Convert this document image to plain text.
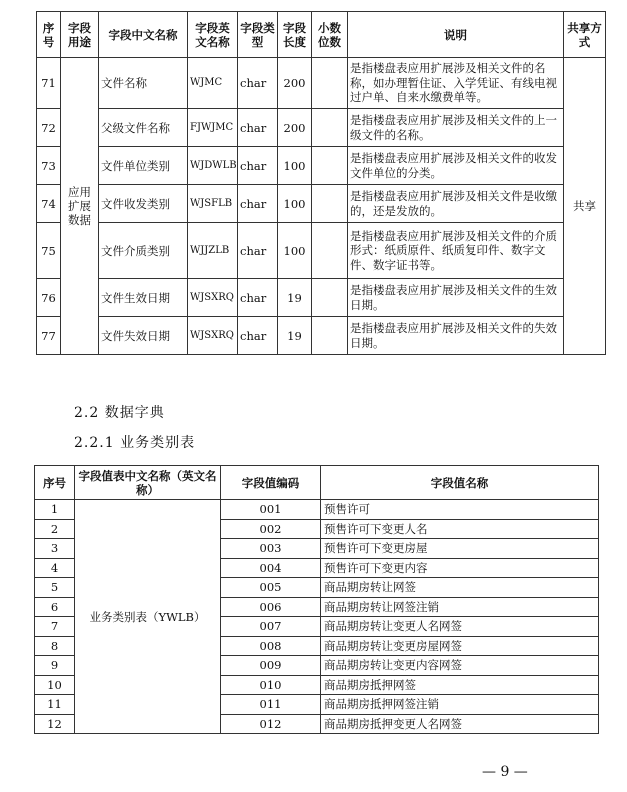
序号	字段用途	字段中文名称	字段英文名称	字段类型	字段长度	小数位数	说明	共享方式
71	应用扩展数据	文件名称	WJMC	char	200		是指楼盘表应用扩展涉及相关文件的名称，如办理暂住证、入学凭证、有线电视过户单、自来水缴费单等。	共享
72		父级文件名称	FJWJMC	char	200		是指楼盘表应用扩展涉及相关文件的上一级文件的名称。	
73		文件单位类别	WJDWLB	char	100		是指楼盘表应用扩展涉及相关文件的收发文件单位的分类。	
74		文件收发类别	WJSFLB	char	100		是指楼盘表应用扩展涉及相关文件是收缴的，还是发放的。	
75		文件介质类别	WJJZLB	char	100		是指楼盘表应用扩展涉及相关文件的介质形式：纸质原件、纸质复印件、数字文件、数字证书等。	
76		文件生效日期	WJSXRQ	char	19		是指楼盘表应用扩展涉及相关文件的生效日期。	
77		文件失效日期	WJSXRQ	char	19		是指楼盘表应用扩展涉及相关文件的失效日期。	
2.2 数据字典
2.2.1 业务类别表
序号	字段值表中文名称（英文名称）	字段值编码	字段值名称
1	业务类别表（YWLB）	001	预售许可
2		002	预售许可下变更人名
3		003	预售许可下变更房屋
4		004	预售许可下变更内容
5		005	商品期房转让网签
6		006	商品期房转让网签注销
7		007	商品期房转让变更人名网签
8		008	商品期房转让变更房屋网签
9		009	商品期房转让变更内容网签
10		010	商品期房抵押网签
11		011	商品期房抵押网签注销
12		012	商品期房抵押变更人名网签
— 9 —
